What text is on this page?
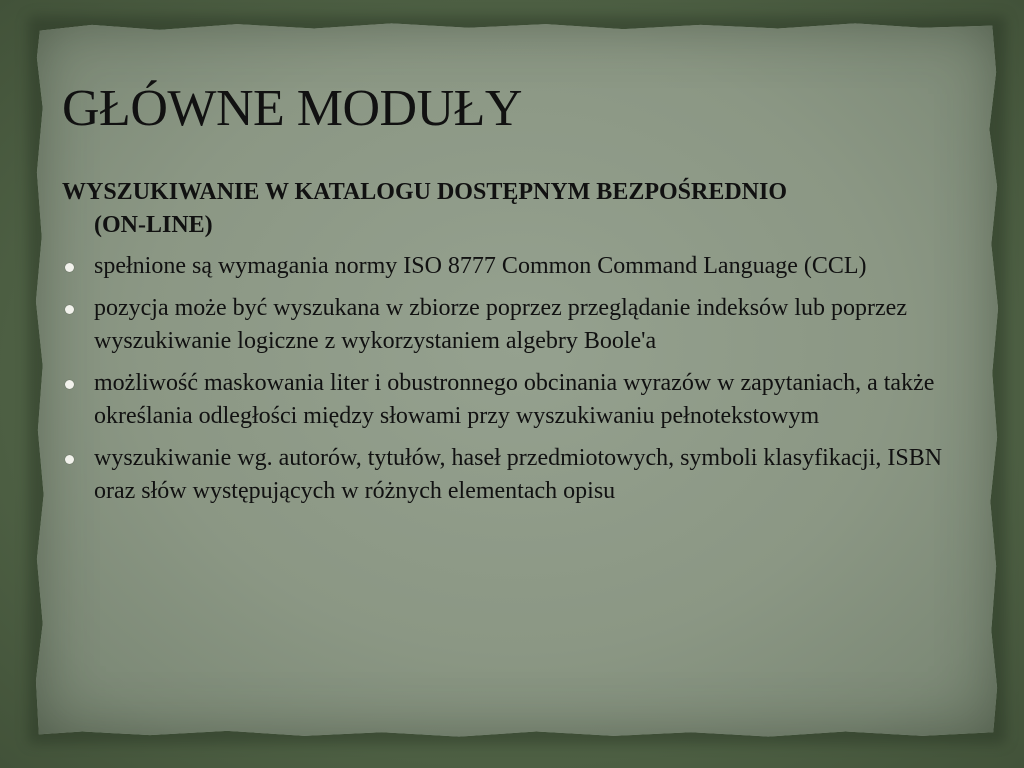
GŁÓWNE MODUŁY

WYSZUKIWANIE W KATALOGU DOSTĘPNYM BEZPOŚREDNIO
(ON-LINE)

spełnione są wymagania normy ISO 8777 Common Command Language (CCL)
pozycja może być wyszukana w zbiorze poprzez przeglądanie indeksów lub poprzez wyszukiwanie logiczne z wykorzystaniem algebry Boole'a
możliwość maskowania liter i obustronnego obcinania wyrazów w zapytaniach, a także określania odległości między słowami przy wyszukiwaniu pełnotekstowym
wyszukiwanie wg. autorów, tytułów, haseł przedmiotowych, symboli klasyfikacji, ISBN oraz słów występujących w różnych elementach opisu
